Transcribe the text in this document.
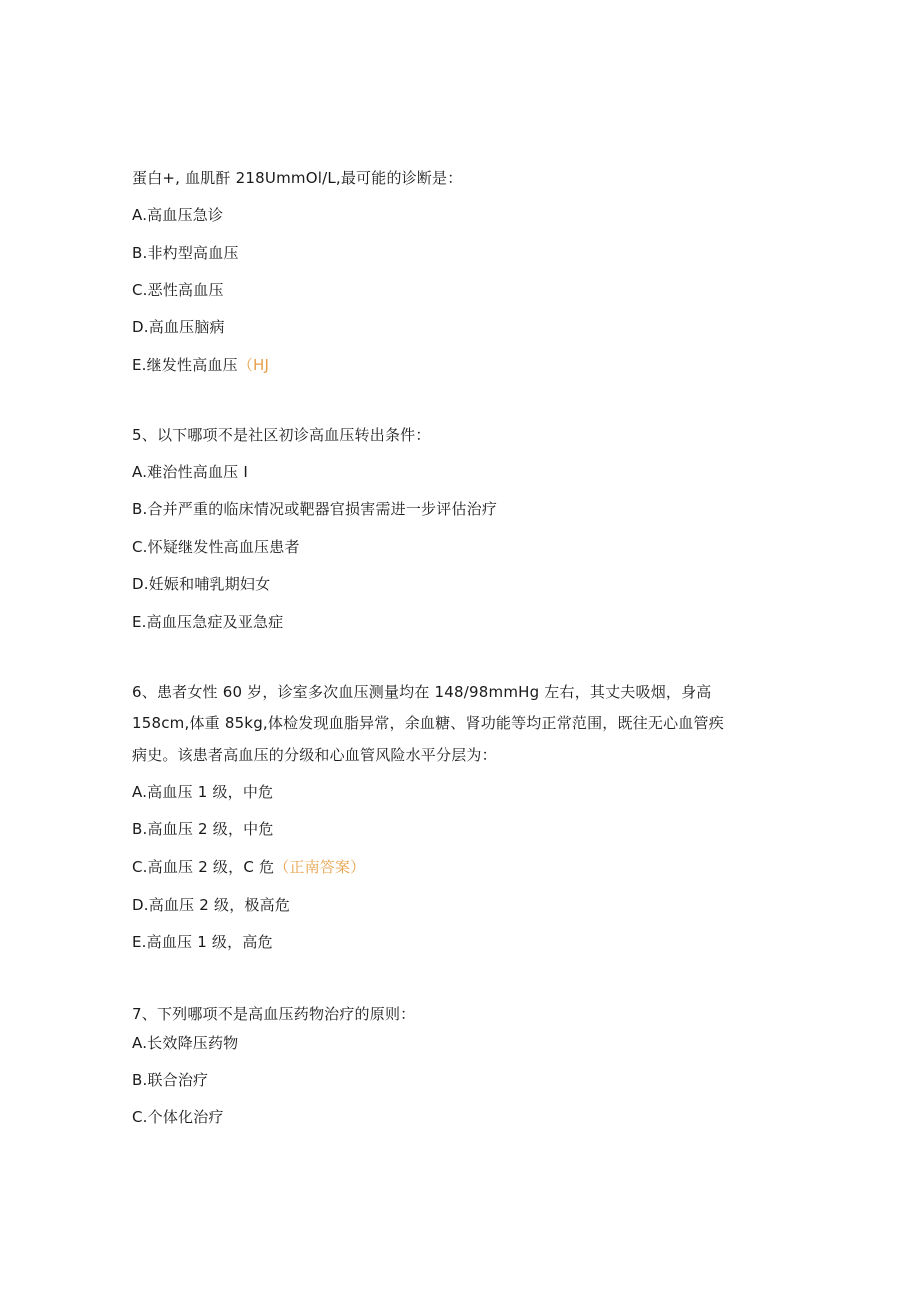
蛋白+, 血肌酐 218UmmOl/L,最可能的诊断是：
A.高血压急诊
B.非杓型高血压
C.恶性高血压
D.高血压脑病
E.继发性高血压（HJ
5、以下哪项不是社区初诊高血压转出条件：
A.难治性高血压 I
B.合并严重的临床情况或靶器官损害需进一步评估治疗
C.怀疑继发性高血压患者
D.妊娠和哺乳期妇女
E.高血压急症及亚急症
6、患者女性 60 岁，诊室多次血压测量均在 148∕98mmHg 左右，其丈夫吸烟，身高
158cm,体重 85kg,体检发现血脂异常，余血糖、肾功能等均正常范围，既往无心血管疾
病史。该患者高血压的分级和心血管风险水平分层为：
A.高血压 1 级，中危
B.高血压 2 级，中危
C.高血压 2 级，C 危（正南答案）
D.高血压 2 级，极高危
E.高血压 1 级，高危
7、下列哪项不是高血压药物治疗的原则：
A.长效降压药物
B.联合治疗
C.个体化治疗
